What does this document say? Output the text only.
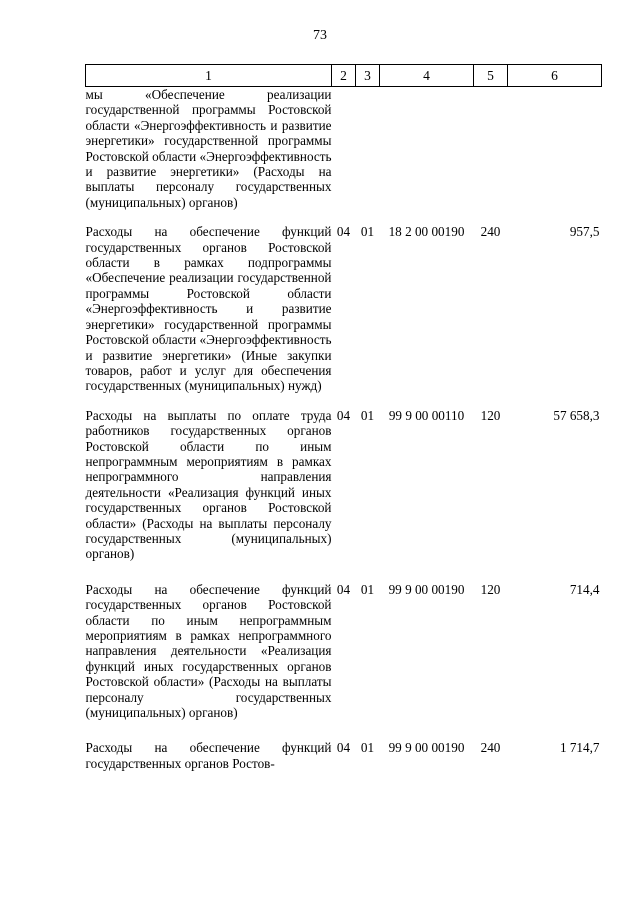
73
1	2	3	4	5	6
мы «Обеспечение реализации государственной программы Ростовской области «Энергоэффективность и развитие энергетики» государственной программы Ростовской области «Энергоэффективность и развитие энергетики» (Расходы на выплаты персоналу государственных (муниципальных) органов)					

Расходы на обеспечение функций государственных органов Ростовской области в рамках подпрограммы «Обеспечение реализации государственной программы Ростовской области «Энергоэффективность и развитие энергетики» государственной программы Ростовской области «Энергоэффективность и развитие энергетики» (Иные закупки товаров, работ и услуг для обеспечения государственных (муниципальных) нужд)	04	01	18 2 00 00190	240	957,5

Расходы на выплаты по оплате труда работников государственных органов Ростовской области по иным непрограммным мероприятиям в рамках непрограммного направления деятельности «Реализация функций иных государственных органов Ростовской области» (Расходы на выплаты персоналу государственных (муниципальных) органов)	04	01	99 9 00 00110	120	57 658,3

Расходы на обеспечение функций государственных органов Ростовской области по иным непрограммным мероприятиям в рамках непрограммного направления деятельности «Реализация функций иных государственных органов Ростовской области» (Расходы на выплаты персоналу государственных (муниципальных) органов)	04	01	99 9 00 00190	120	714,4

Расходы на обеспечение функций государственных органов Ростов-	04	01	99 9 00 00190	240	1 714,7
